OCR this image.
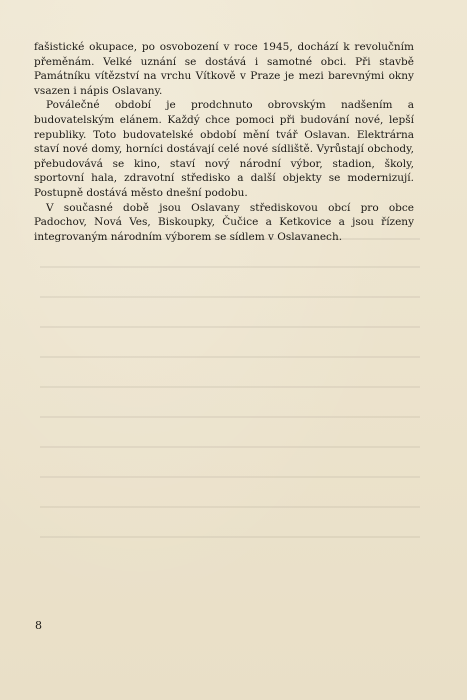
fašistické okupace, po osvobození v roce 1945, dochází k revolučním přeměnám. Velké uznání se dostává i samotné obci. Při stavbě Památníku vítězství na vrchu Vítkově v Praze je mezi barevnými okny vsazen i nápis Oslavany.

Poválečné období je prodchnuto obrovským nadšením a budovatelským elánem. Každý chce pomoci při budování nové, lepší republiky. Toto budovatelské období mění tvář Oslavan. Elektrárna staví nové domy, horníci dostávají celé nové sídliště. Vyrůstají obchody, přebudovává se kino, staví nový národní výbor, stadion, školy, sportovní hala, zdravotní středisko a další objekty se modernizují. Postupně dostává město dnešní podobu.

V současné době jsou Oslavany střediskovou obcí pro obce Padochov, Nová Ves, Biskoupky, Čučice a Ketkovice a jsou řízeny integrovaným národním výborem se sídlem v Oslavanech.

8
